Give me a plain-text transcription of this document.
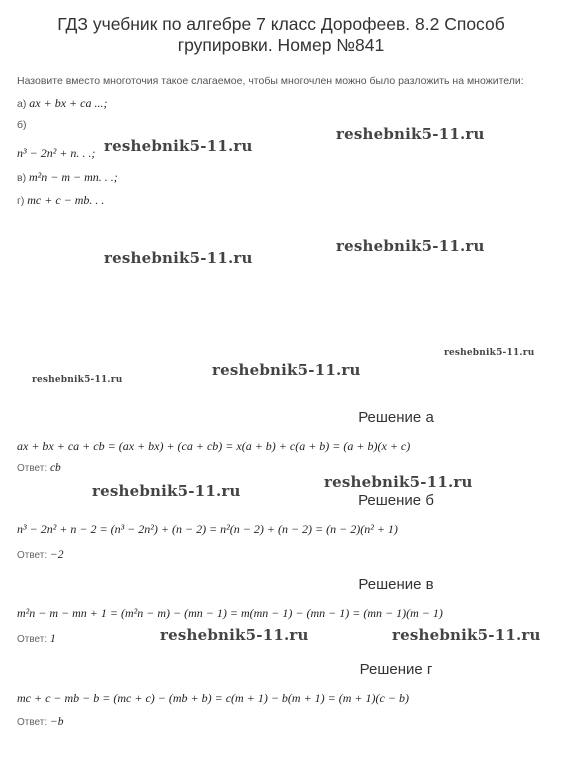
ГДЗ учебник по алгебре 7 класс Дорофеев. 8.2 Способ групировки. Номер №841
Назовите вместо многоточия такое слагаемое, чтобы многочлен можно было разложить на множители:
а) ax + bx + ca ...;
б)
n³ − 2n² + n. . .;
в) m²n − m − mn. . .;
г) mc + c − mb. . .
Решение а
ax + bx + ca + cb = (ax + bx) + (ca + cb) = x(a + b) + c(a + b) = (a + b)(x + c)
Ответ: cb
Решение б
n³ − 2n² + n − 2 = (n³ − 2n²) + (n − 2) = n²(n − 2) + (n − 2) = (n − 2)(n² + 1)
Ответ: −2
Решение в
m²n − m − mn + 1 = (m²n − m) − (mn − 1) = m(mn − 1) − (mn − 1) = (mn − 1)(m − 1)
Ответ: 1
Решение г
mc + c − mb − b = (mc + c) − (mb + b) = c(m + 1) − b(m + 1) = (m + 1)(c − b)
Ответ: −b
reshebnik5-11.ru
reshebnik5-11.ru
reshebnik5-11.ru
reshebnik5-11.ru
reshebnik5-11.ru
reshebnik5-11.ru
reshebnik5-11.ru
reshebnik5-11.ru
reshebnik5-11.ru
reshebnik5-11.ru	reshebnik5-11.ru
